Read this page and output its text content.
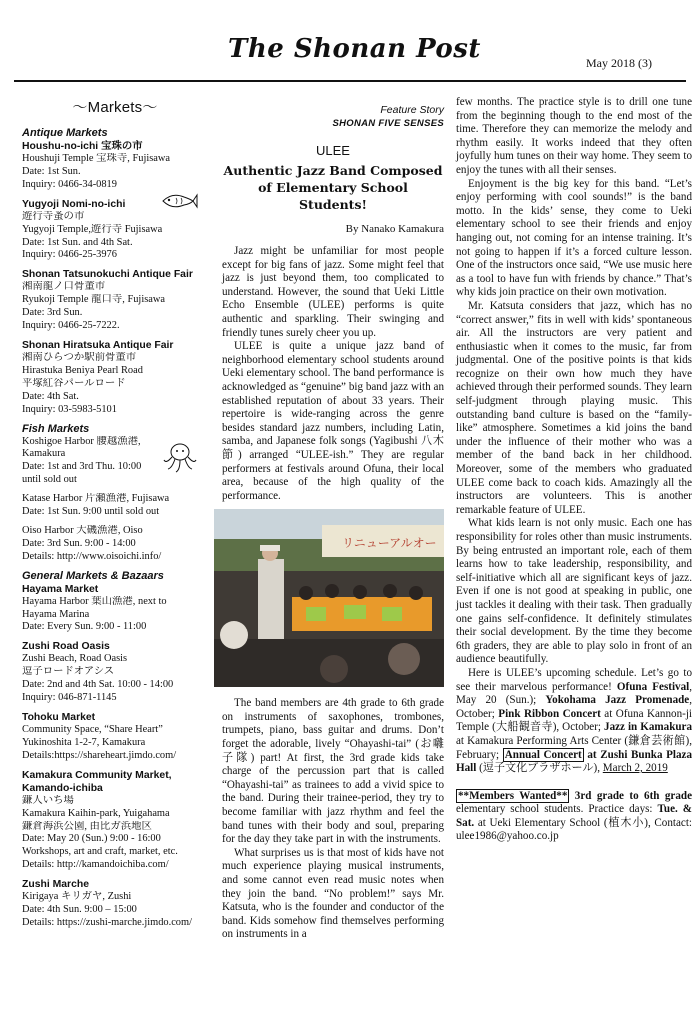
The Shonan Post	May 2018 (3)
〜Markets〜
Antique Markets
Houshu-no-ichi 宝珠の市
Houshuji Temple 宝珠寺, Fujisawa
Date: 1st Sun.
Inquiry: 0466-34-0819
Yugyoji Nomi-no-ichi
遊行寺蚤の市
Yugyoji Temple,遊行寺 Fujisawa
Date: 1st Sun. and 4th Sat.
Inquiry: 0466-25-3976
Shonan Tatsunokuchi Antique Fair
湘南龍ノ口骨董市
Ryukoji Temple 龍口寺, Fujisawa
Date: 3rd Sun.
Inquiry: 0466-25-7222.
Shonan Hiratsuka Antique Fair
湘南ひらつか駅前骨董市
Hirastuka Beniya Pearl Road
平塚紅谷パールロード
Date: 4th Sat.
Inquiry: 03-5983-5101
Fish Markets
Koshigoe Harbor 腰越漁港,
Kamakura
Date: 1st and 3rd Thu. 10:00
until sold out
Katase Harbor 片瀬漁港, Fujisawa
Date: 1st Sun. 9:00 until sold out
Oiso Harbor 大磯漁港, Oiso
Date: 3rd Sun. 9:00 - 14:00
Details: http://www.oisoichi.info/
General Markets & Bazaars
Hayama Market
Hayama Harbor 葉山漁港, next to
Hayama Marina
Date: Every Sun. 9:00 - 11:00
Zushi Road Oasis
Zushi Beach, Road Oasis
逗子ロードオアシス
Date: 2nd and 4th Sat. 10:00 - 14:00
Inquiry: 046-871-1145
Tohoku Market
Community Space, “Share Heart”
Yukinoshita 1-2-7, Kamakura
Details:https://shareheart.jimdo.com/
Kamakura Community Market, Kamando-ichiba
鎌人いち場
Kamakura Kaihin-park, Yuigahama
鎌倉海浜公園, 由比ガ浜地区
Date: May 20 (Sun.) 9:00 - 16:00
Workshops, art and craft, market, etc.
Details: http://kamandoichiba.com/
Zushi Marche
Kirigaya キリガヤ, Zushi
Date: 4th Sun. 9:00 – 15:00
Details: https://zushi-marche.jimdo.com/
Feature Story
SHONAN FIVE SENSES
ULEE
Authentic Jazz Band Composed of Elementary School Students!
By Nanako Kamakura

Jazz might be unfamiliar for most people except for big fans of jazz. Some might feel that jazz is just beyond them, too complicated to understand. However, the sound that Ueki Little Echo Ensemble (ULEE) performs is quite authentic and sparkling. Their swinging and friendly tunes surely cheer you up.

ULEE is quite a unique jazz band of neighborhood elementary school students around Ueki elementary school. The band performance is acknowledged as “genuine” big band jazz with an established reputation of about 33 years. Their repertoire is wide-ranging across the genre besides standard jazz numbers, including Latin, samba, and Japanese folk songs (Yagibushi 八木節) arranged “ULEE-ish.” They are regular performers at festivals around Ofuna, their local area, because of the high quality of the performance.

リニューアルオー

The band members are 4th grade to 6th grade on instruments of saxophones, trombones, trumpets, piano, bass guitar and drums. Don’t forget the adorable, lively “Ohayashi-tai” (お囃子隊) part! At first, the 3rd grade kids take charge of the percussion part that is called “Ohayashi-tai” as trainees to add a vivid spice to the band. During their trainee-period, they try to become familiar with jazz rhythm and feel the band tunes with their body and soul, preparing for the day they take part in with the instruments.

What surprises us is that most of kids have not much experience playing musical instruments, and some cannot even read music notes when they join the band. “No problem!” says Mr. Katsuta, who is the founder and conductor of the band. Kids somehow find themselves performing on instruments in a

few months. The practice style is to drill one tune from the beginning though to the end most of the time. Therefore they can memorize the melody and rhythm easily. It works indeed that they often joyfully hum tunes on their way home. They seem to enjoy the tunes with all their senses.

Enjoyment is the big key for this band. “Let’s enjoy performing with cool sounds!” is the band motto. In the kids’ sense, they come to Ueki elementary school to see their friends and enjoy hanging out, not coming for an intense training. It’s not going to happen if it’s a forced culture lesson. One of the instructors once said, “We use music here as a tool to have fun with friends by chance.” That’s why kids join practice on their own motivation.

Mr. Katsuta considers that jazz, which has no “correct answer,” fits in well with kids’ spontaneous air. All the instructors are very patient and enthusiastic when it comes to the music, far from judgmental. One of the positive points is that kids recognize on their own how much they have achieved through their performed sounds. They learn self-judgment through playing music. This outstanding band culture is based on the “family-like” atmosphere. Sometimes a kid joins the band under the influence of their mother who was a member of the band back in her childhood. Moreover, some of the members who graduated ULEE come back to coach kids. Amazingly all the instructors are volunteers. This is another remarkable feature of ULEE.

What kids learn is not only music. Each one has responsibility for roles other than music instruments. By being entrusted an important role, each of them learns how to take leadership, responsibility, and self-initiative which all are significant keys of jazz. Even if one is not good at speaking in public, one just tackles it dealing with their task. Then gradually one gains self-confidence. It definitely stimulates their social development. By the time they become 6th graders, they are able to play solo in front of an audience beautifully.

Here is ULEE’s upcoming schedule. Let’s go to see their marvelous performance! Ofuna Festival, May 20 (Sun.); Yokohama Jazz Promenade, October; Pink Ribbon Concert at Ofuna Kannon-ji Temple (大船観音寺), October; Jazz in Kamakura at Kamakura Performing Arts Center (鎌倉芸術館), February; Annual Concert at Zushi Bunka Plaza Hall (逗子文化プラザホール), March 2, 2019

**Members Wanted** 3rd grade to 6th grade elementary school students. Practice days: Tue. & Sat. at Ueki Elementary School (植木小), Contact: ulee1986@yahoo.co.jp
